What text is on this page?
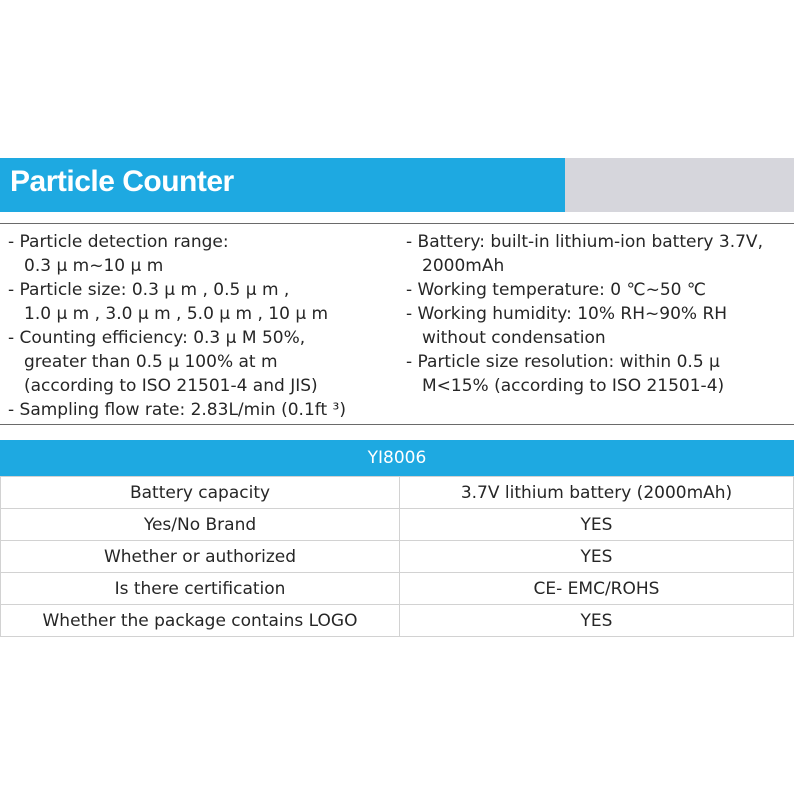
Particle Counter

- Particle detection range:
0.3 μ m~10 μ m

- Particle size: 0.3 μ m , 0.5 μ m ,
1.0 μ m , 3.0 μ m , 5.0 μ m , 10 μ m

- Counting efficiency: 0.3 μ M 50%,
greater than 0.5 μ 100% at m
(according to ISO 21501-4 and JIS)

- Sampling flow rate: 2.83L/min (0.1ft ³)

- Battery: built-in lithium-ion battery 3.7V,
2000mAh

- Working temperature: 0 ℃~50 ℃

- Working humidity: 10% RH~90% RH
without condensation

- Particle size resolution: within 0.5 μ
M<15% (according to ISO 21501-4)

YI8006
Battery capacity	3.7V lithium battery (2000mAh)
Yes/No Brand	YES
Whether or authorized	YES
Is there certification	CE- EMC/ROHS
Whether the package contains LOGO	YES
